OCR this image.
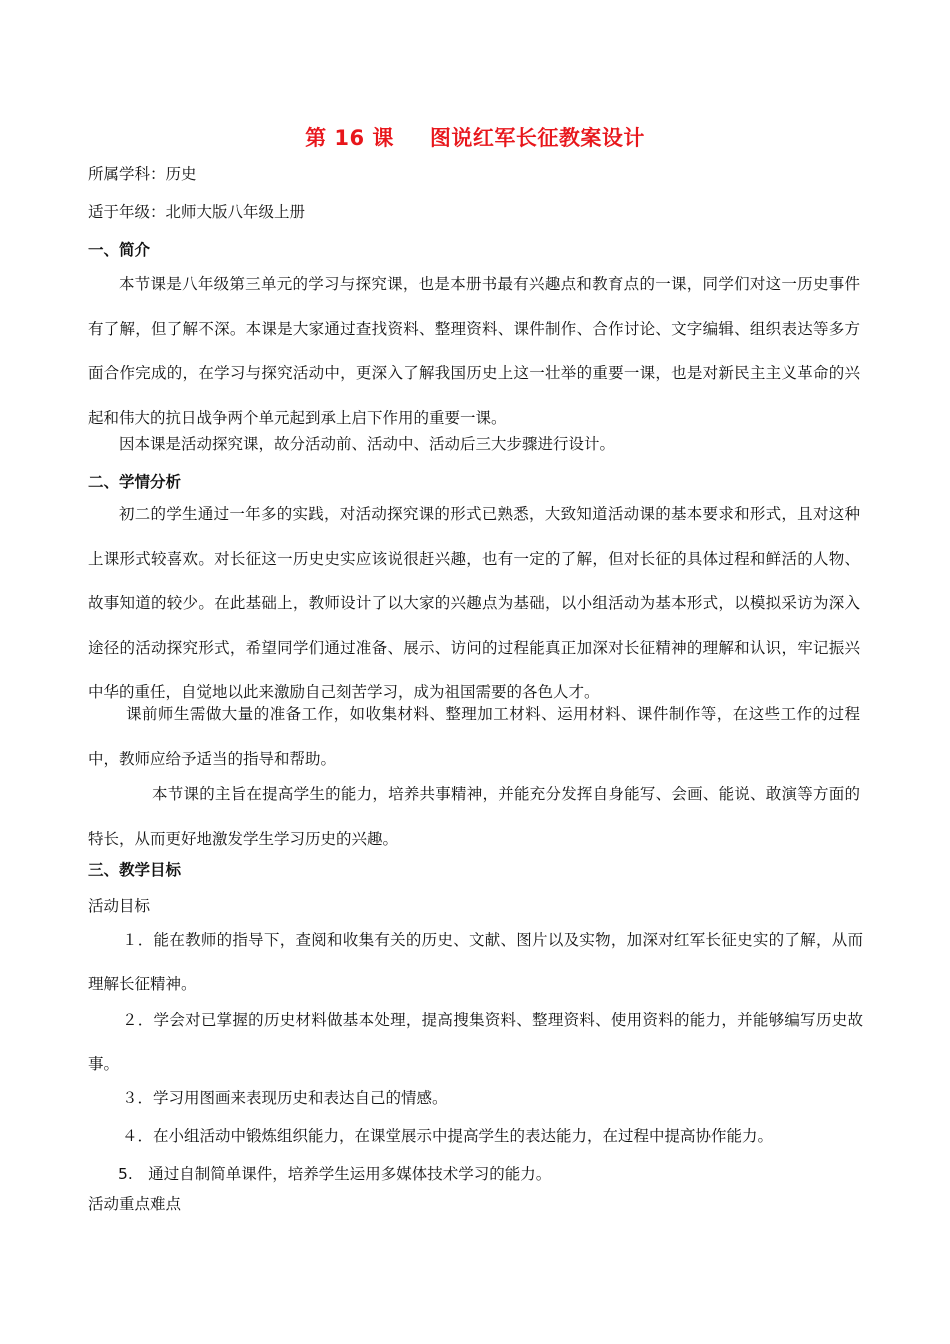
第 16 课 图说红军长征教案设计
所属学科：历史
适于年级：北师大版八年级上册
一、简介
本节课是八年级第三单元的学习与探究课，也是本册书最有兴趣点和教育点的一课，同学们对这一历史事件有了解，但了解不深。本课是大家通过查找资料、整理资料、课件制作、合作讨论、文字编辑、组织表达等多方面合作完成的，在学习与探究活动中，更深入了解我国历史上这一壮举的重要一课，也是对新民主主义革命的兴起和伟大的抗日战争两个单元起到承上启下作用的重要一课。
因本课是活动探究课，故分活动前、活动中、活动后三大步骤进行设计。
二、学情分析
初二的学生通过一年多的实践，对活动探究课的形式已熟悉，大致知道活动课的基本要求和形式，且对这种上课形式较喜欢。对长征这一历史史实应该说很赶兴趣，也有一定的了解，但对长征的具体过程和鲜活的人物、故事知道的较少。在此基础上，教师设计了以大家的兴趣点为基础，以小组活动为基本形式，以模拟采访为深入途径的活动探究形式，希望同学们通过准备、展示、访问的过程能真正加深对长征精神的理解和认识，牢记振兴中华的重任，自觉地以此来激励自己刻苦学习，成为祖国需要的各色人才。
课前师生需做大量的准备工作，如收集材料、整理加工材料、运用材料、课件制作等，在这些工作的过程中，教师应给予适当的指导和帮助。
本节课的主旨在提高学生的能力，培养共事精神，并能充分发挥自身能写、会画、能说、敢演等方面的特长，从而更好地激发学生学习历史的兴趣。
三、教学目标
活动目标
１．能在教师的指导下，查阅和收集有关的历史、文献、图片以及实物，加深对红军长征史实的了解，从而理解长征精神。
２．学会对已掌握的历史材料做基本处理，提高搜集资料、整理资料、使用资料的能力，并能够编写历史故事。
３．学习用图画来表现历史和表达自己的情感。
４．在小组活动中锻炼组织能力，在课堂展示中提高学生的表达能力，在过程中提高协作能力。
5.　通过自制简单课件，培养学生运用多媒体技术学习的能力。
活动重点难点
